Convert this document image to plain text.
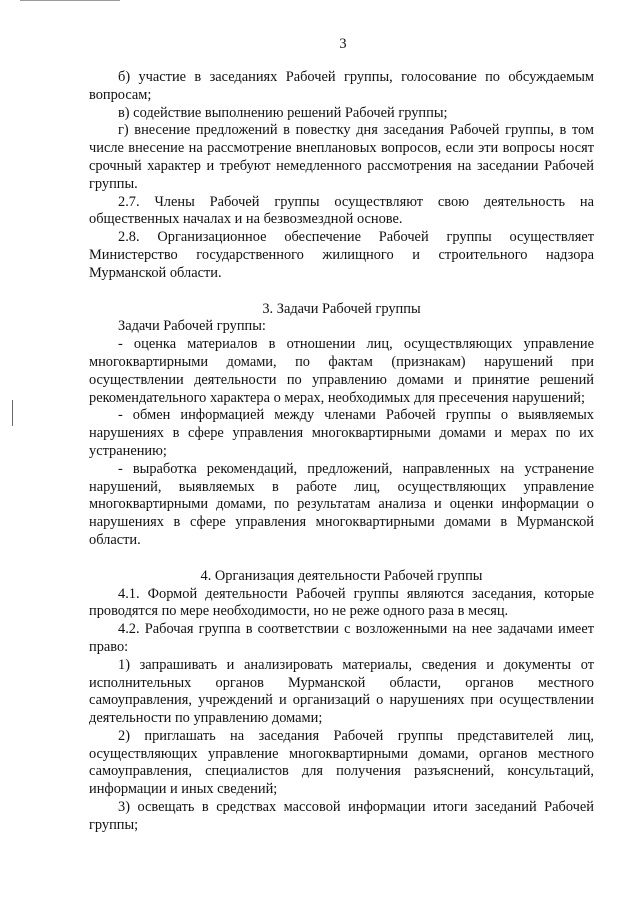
3

б) участие в заседаниях Рабочей группы, голосование по обсуждаемым вопросам;

в) содействие выполнению решений Рабочей группы;

г) внесение предложений в повестку дня заседания Рабочей группы, в том числе внесение на рассмотрение внеплановых вопросов, если эти вопросы носят срочный характер и требуют немедленного рассмотрения на заседании Рабочей группы.

2.7. Члены Рабочей группы осуществляют свою деятельность на общественных началах и на безвозмездной основе.

2.8. Организационное обеспечение Рабочей группы осуществляет Министерство государственного жилищного и строительного надзора Мурманской области.

3. Задачи Рабочей группы

Задачи Рабочей группы:

- оценка материалов в отношении лиц, осуществляющих управление многоквартирными домами, по фактам (признакам) нарушений при осуществлении деятельности по управлению домами и принятие решений рекомендательного характера о мерах, необходимых для пресечения нарушений;

- обмен информацией между членами Рабочей группы о выявляемых нарушениях в сфере управления многоквартирными домами и мерах по их устранению;

- выработка рекомендаций, предложений, направленных на устранение нарушений, выявляемых в работе лиц, осуществляющих управление многоквартирными домами, по результатам анализа и оценки информации о нарушениях в сфере управления многоквартирными домами в Мурманской области.

4. Организация деятельности Рабочей группы

4.1. Формой деятельности Рабочей группы являются заседания, которые проводятся по мере необходимости, но не реже одного раза в месяц.

4.2. Рабочая группа в соответствии с возложенными на нее задачами имеет право:

1) запрашивать и анализировать материалы, сведения и документы от исполнительных органов Мурманской области, органов местного самоуправления, учреждений и организаций о нарушениях при осуществлении деятельности по управлению домами;

2) приглашать на заседания Рабочей группы представителей лиц, осуществляющих управление многоквартирными домами, органов местного самоуправления, специалистов для получения разъяснений, консультаций, информации и иных сведений;

3) освещать в средствах массовой информации итоги заседаний Рабочей группы;
